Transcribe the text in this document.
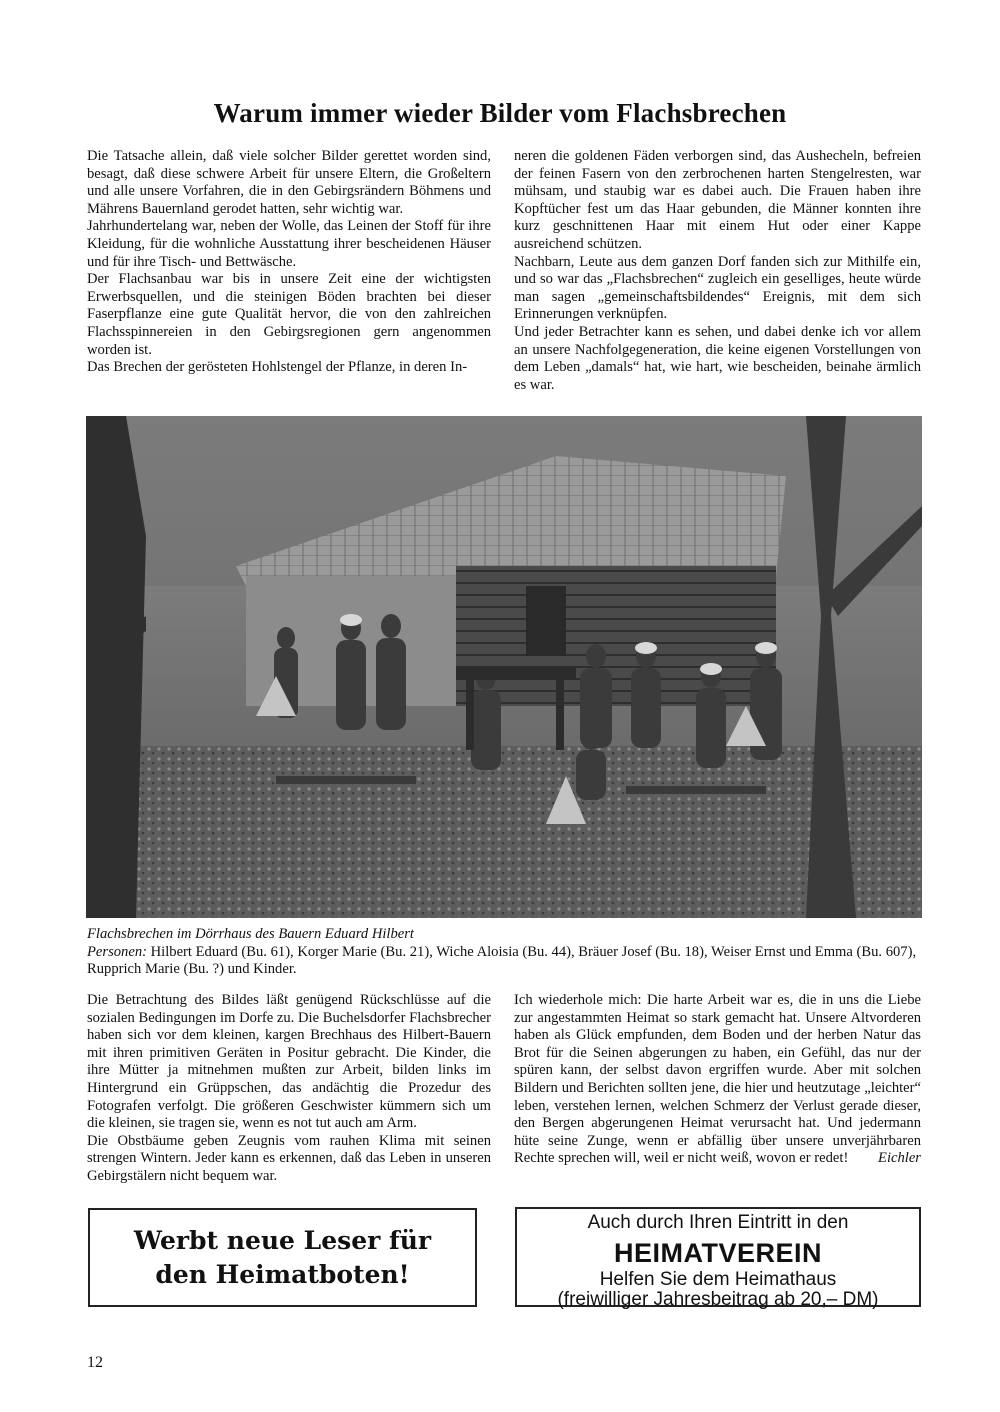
Warum immer wieder Bilder vom Flachsbrechen

Die Tatsache allein, daß viele solcher Bilder gerettet worden sind, besagt, daß diese schwere Arbeit für unsere Eltern, die Großeltern und alle unsere Vorfahren, die in den Gebirgsrändern Böhmens und Mährens Bauernland gerodet hatten, sehr wichtig war.

Jahrhundertelang war, neben der Wolle, das Leinen der Stoff für ihre Kleidung, für die wohnliche Ausstattung ihrer bescheidenen Häuser und für ihre Tisch- und Bettwäsche.

Der Flachsanbau war bis in unsere Zeit eine der wichtigsten Erwerbsquellen, und die steinigen Böden brachten bei dieser Faserpflanze eine gute Qualität hervor, die von den zahlreichen Flachsspinnereien in den Gebirgsregionen gern angenommen worden ist.

Das Brechen der gerösteten Hohlstengel der Pflanze, in deren In-

neren die goldenen Fäden verborgen sind, das Aushecheln, befreien der feinen Fasern von den zerbrochenen harten Stengelresten, war mühsam, und staubig war es dabei auch. Die Frauen haben ihre Kopftücher fest um das Haar gebunden, die Männer konnten ihre kurz geschnittenen Haar mit einem Hut oder einer Kappe ausreichend schützen.

Nachbarn, Leute aus dem ganzen Dorf fanden sich zur Mithilfe ein, und so war das „Flachsbrechen“ zugleich ein geselliges, heute würde man sagen „gemeinschaftsbildendes“ Ereignis, mit dem sich Erinnerungen verknüpfen.

Und jeder Betrachter kann es sehen, und dabei denke ich vor allem an unsere Nachfolgegeneration, die keine eigenen Vorstellungen von dem Leben „damals“ hat, wie hart, wie bescheiden, beinahe ärmlich es war.

Flachsbrechen im Dörrhaus des Bauern Eduard Hilbert
Personen: Hilbert Eduard (Bu. 61), Korger Marie (Bu. 21), Wiche Aloisia (Bu. 44), Bräuer Josef (Bu. 18), Weiser Ernst und Emma (Bu. 607), Rupprich Marie (Bu. ?) und Kinder.

Die Betrachtung des Bildes läßt genügend Rückschlüsse auf die sozialen Bedingungen im Dorfe zu. Die Buchelsdorfer Flachsbrecher haben sich vor dem kleinen, kargen Brechhaus des Hilbert-Bauern mit ihren primitiven Geräten in Positur gebracht. Die Kinder, die ihre Mütter ja mitnehmen mußten zur Arbeit, bilden links im Hintergrund ein Grüppschen, das andächtig die Prozedur des Fotografen verfolgt. Die größeren Geschwister kümmern sich um die kleinen, sie tragen sie, wenn es not tut auch am Arm.

Die Obstbäume geben Zeugnis vom rauhen Klima mit seinen strengen Wintern. Jeder kann es erkennen, daß das Leben in unseren Gebirgstälern nicht bequem war.

Ich wiederhole mich: Die harte Arbeit war es, die in uns die Liebe zur angestammten Heimat so stark gemacht hat. Unsere Altvorderen haben als Glück empfunden, dem Boden und der herben Natur das Brot für die Seinen abgerungen zu haben, ein Gefühl, das nur der spüren kann, der selbst davon ergriffen wurde. Aber mit solchen Bildern und Berichten sollten jene, die hier und heutzutage „leichter“ leben, verstehen lernen, welchen Schmerz der Verlust gerade dieser, den Bergen abgerungenen Heimat verursacht hat. Und jedermann hüte seine Zunge, wenn er abfällig über unsere unverjährbaren Rechte sprechen will, weil er nicht weiß, wovon er redet! Eichler

Werbt neue Leser für
den Heimatboten!
Auch durch Ihren Eintritt in den
HEIMATVEREIN
Helfen Sie dem Heimathaus
(freiwilliger Jahresbeitrag ab 20,– DM)
12
